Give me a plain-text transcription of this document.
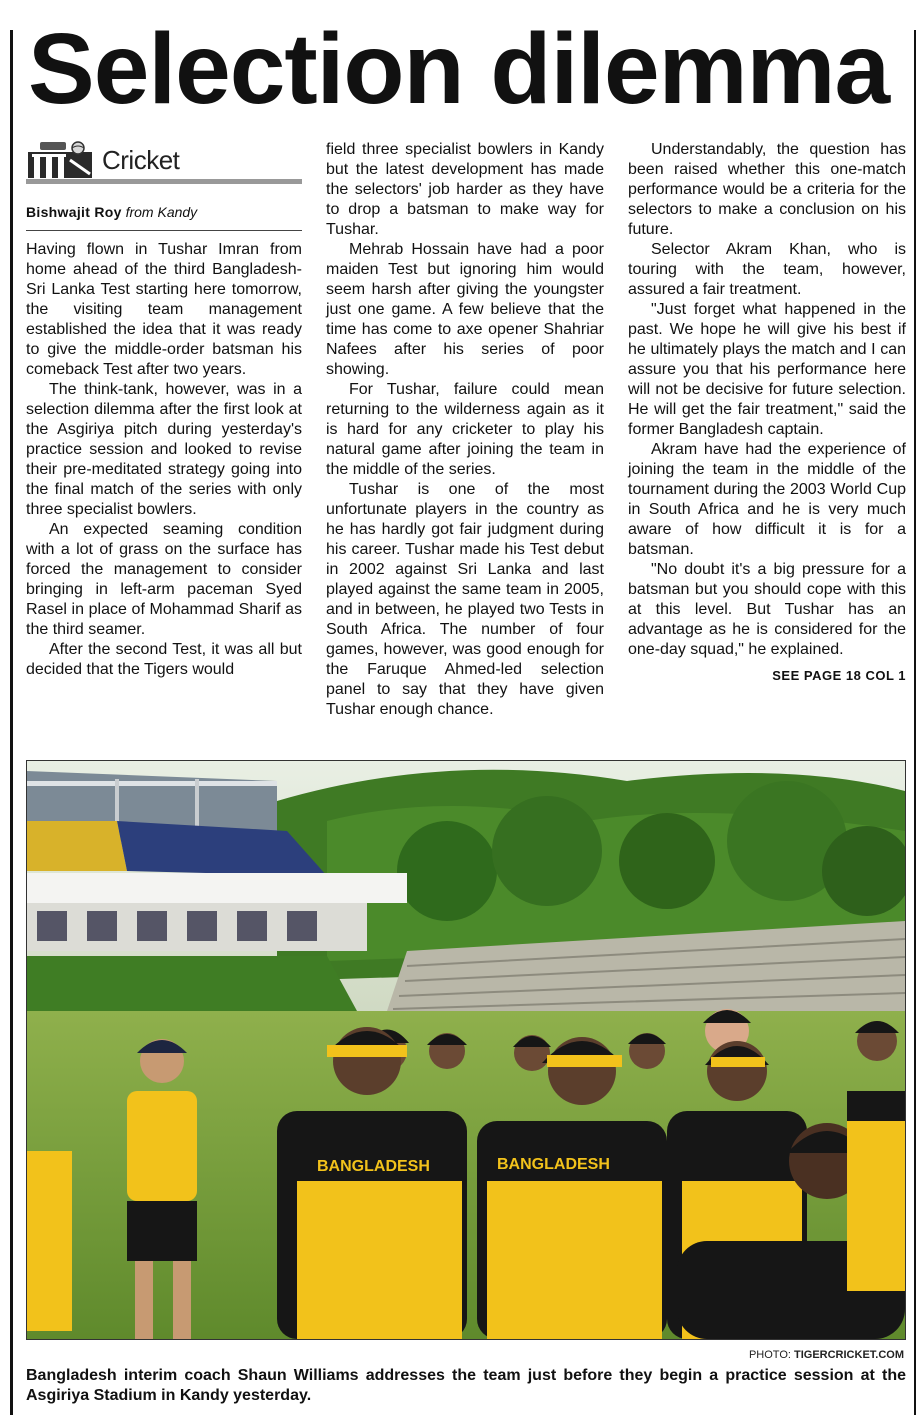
Selection dilemma
Cricket
Bishwajit Roy from Kandy

Having flown in Tushar Imran from home ahead of the third Bangladesh-Sri Lanka Test starting here tomorrow, the visiting team management established the idea that it was ready to give the middle-order batsman his comeback Test after two years.

The think-tank, however, was in a selection dilemma after the first look at the Asgiriya pitch during yesterday's practice session and looked to revise their pre-meditated strategy going into the final match of the series with only three specialist bowlers.

An expected seaming condition with a lot of grass on the surface has forced the management to consider bringing in left-arm paceman Syed Rasel in place of Mohammad Sharif as the third seamer.

After the second Test, it was all but decided that the Tigers would

field three specialist bowlers in Kandy but the latest development has made the selectors' job harder as they have to drop a batsman to make way for Tushar.

Mehrab Hossain have had a poor maiden Test but ignoring him would seem harsh after giving the youngster just one game. A few believe that the time has come to axe opener Shahriar Nafees after his series of poor showing.

For Tushar, failure could mean returning to the wilderness again as it is hard for any cricketer to play his natural game after joining the team in the middle of the series.

Tushar is one of the most unfortunate players in the country as he has hardly got fair judgment during his career. Tushar made his Test debut in 2002 against Sri Lanka and last played against the same team in 2005, and in between, he played two Tests in South Africa. The number of four games, however, was good enough for the Faruque Ahmed-led selection panel to say that they have given Tushar enough chance.

Understandably, the question has been raised whether this one-match performance would be a criteria for the selectors to make a conclusion on his future.

Selector Akram Khan, who is touring with the team, however, assured a fair treatment.

"Just forget what happened in the past. We hope he will give his best if he ultimately plays the match and I can assure you that his performance here will not be decisive for future selection. He will get the fair treatment," said the former Bangladesh captain.

Akram have had the experience of joining the team in the middle of the tournament during the 2003 World Cup in South Africa and he is very much aware of how difficult it is for a batsman.

"No doubt it's a big pressure for a batsman but you should cope with this at this level. But Tushar has an advantage as he is considered for the one-day squad," he explained.

SEE PAGE 18 COL 1
BANGLADESH	BANGLADESH
PHOTO: TIGERCRICKET.COM
Bangladesh interim coach Shaun Williams addresses the team just before they begin a practice session at the Asgiriya Stadium in Kandy yesterday.
